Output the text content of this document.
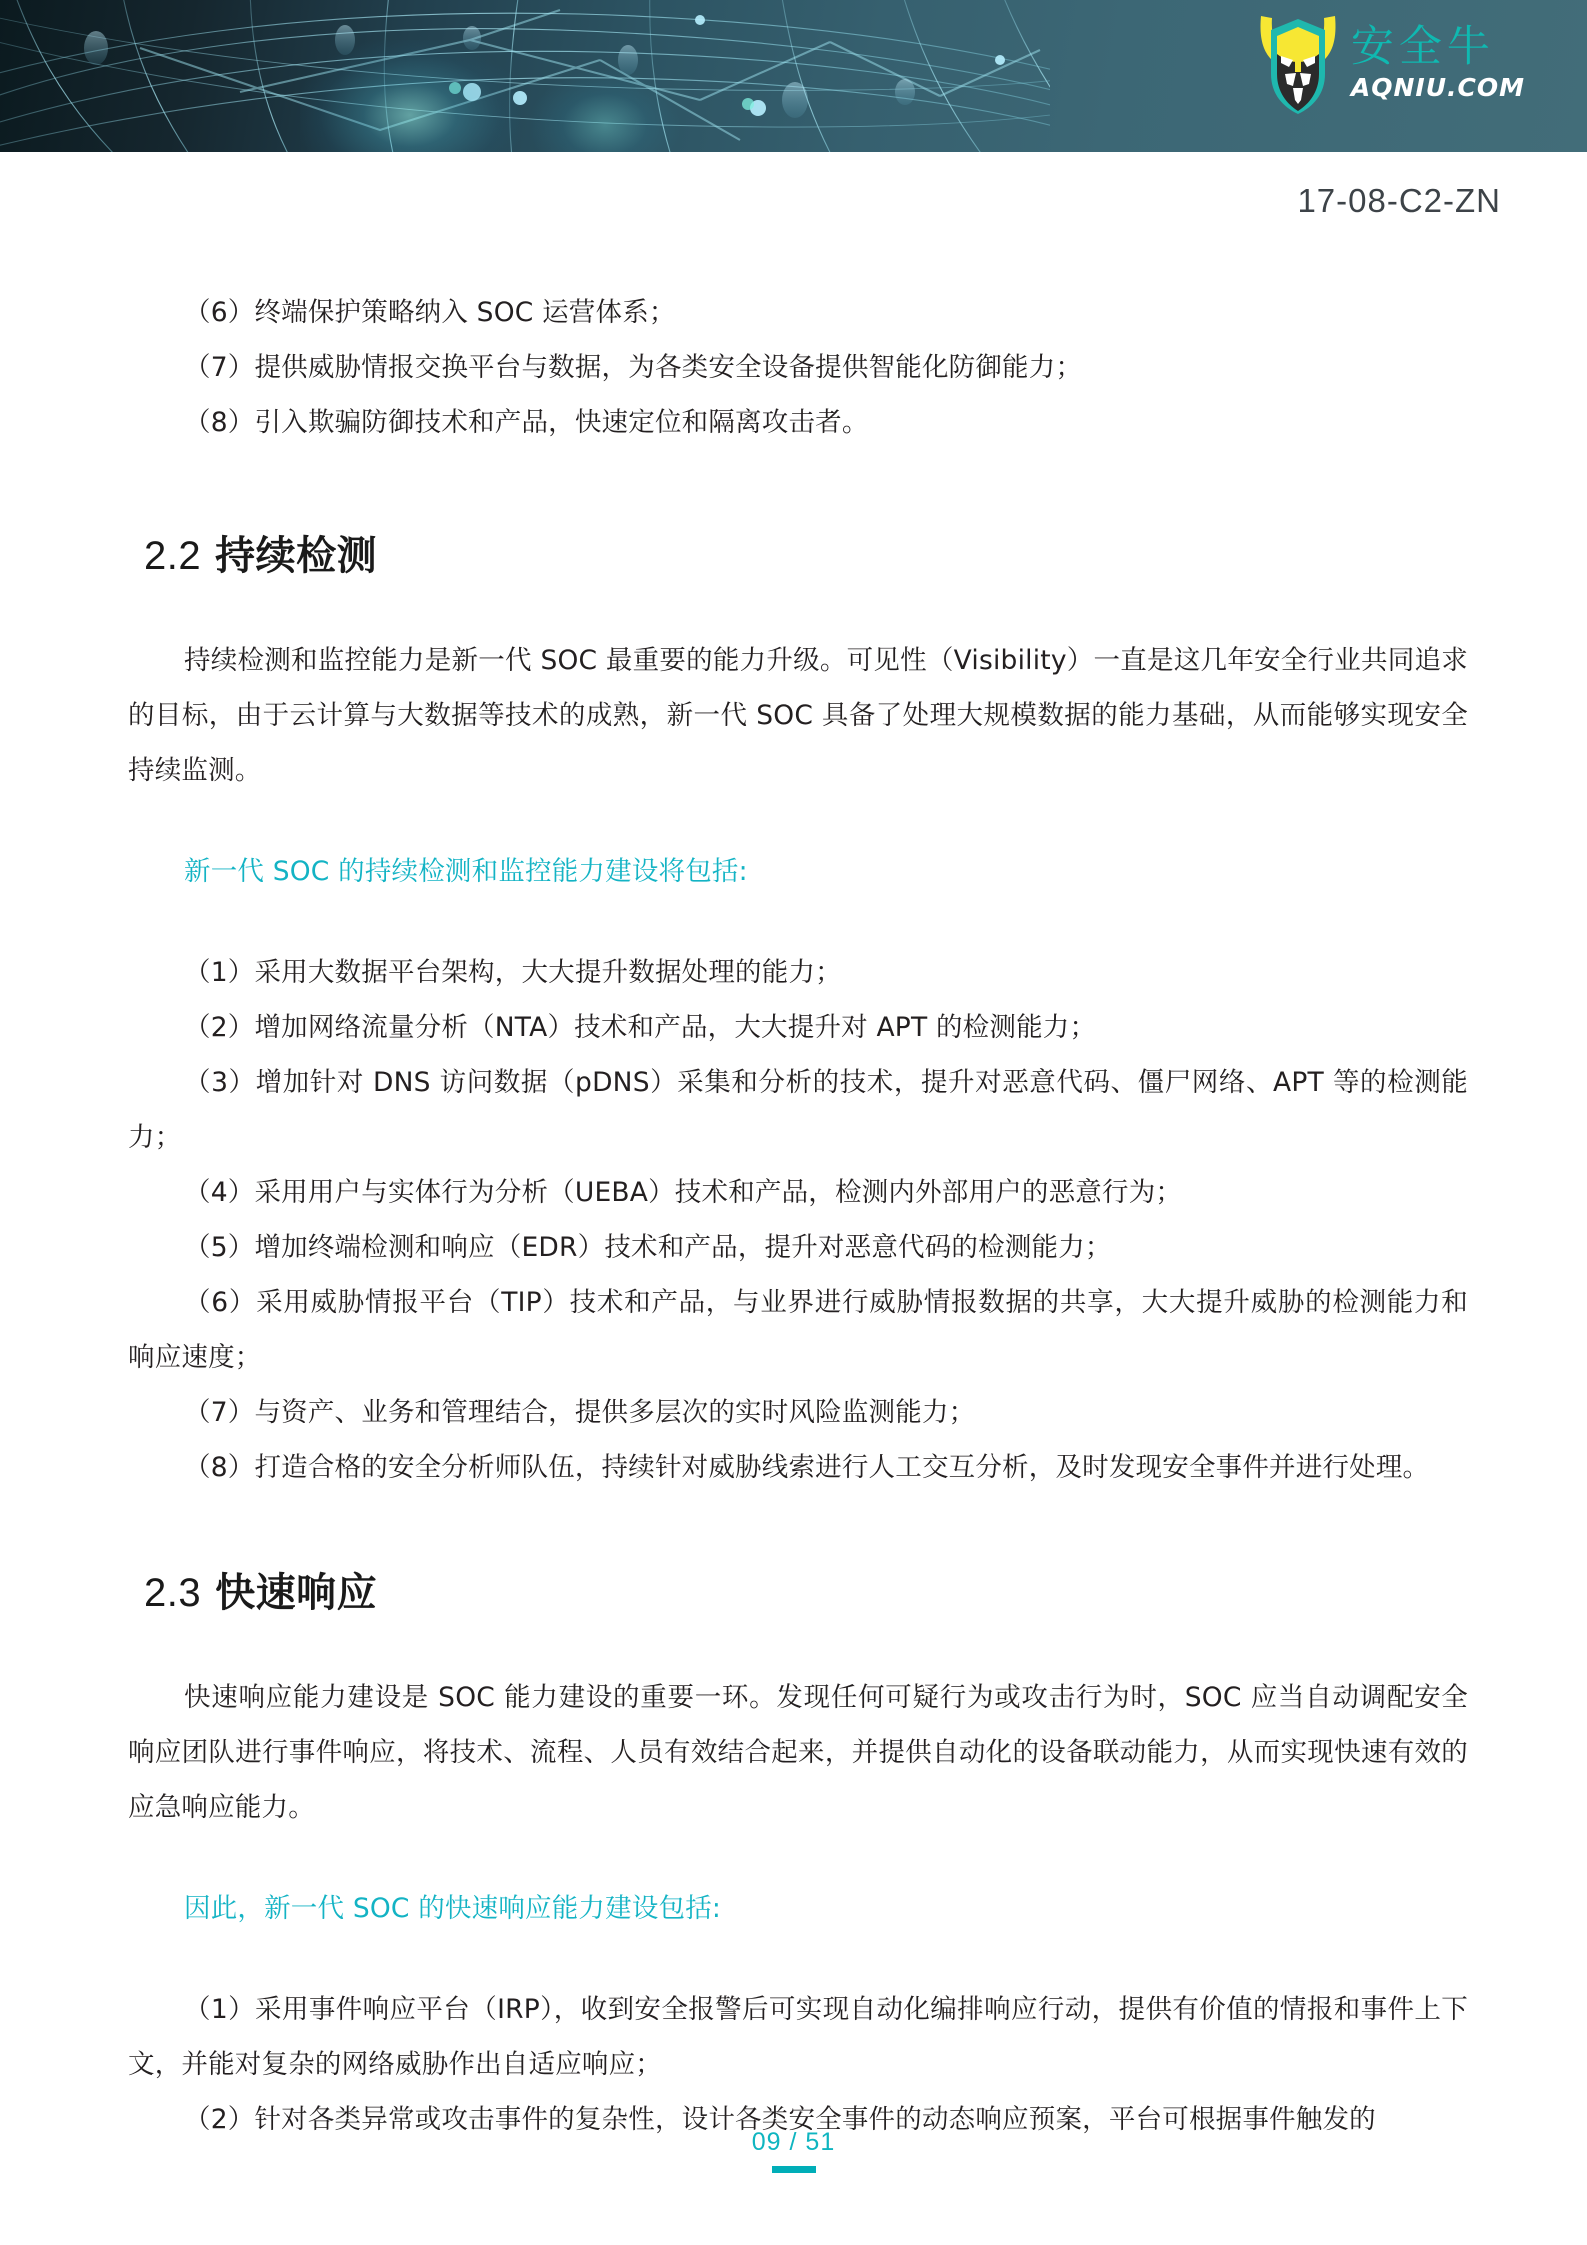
安全牛
AQNIU.COM
17-08-C2-ZN
（6）终端保护策略纳入 SOC 运营体系；
（7）提供威胁情报交换平台与数据，为各类安全设备提供智能化防御能力；
（8）引入欺骗防御技术和产品，快速定位和隔离攻击者。
2.2 持续检测
持续检测和监控能力是新一代 SOC 最重要的能力升级。可见性（Visibility）一直是这几年安全行业共同追求的目标，由于云计算与大数据等技术的成熟，新一代 SOC 具备了处理大规模数据的能力基础，从而能够实现安全持续监测。
新一代 SOC 的持续检测和监控能力建设将包括:
（1）采用大数据平台架构，大大提升数据处理的能力；
（2）增加网络流量分析（NTA）技术和产品，大大提升对 APT 的检测能力；
（3）增加针对 DNS 访问数据（pDNS）采集和分析的技术，提升对恶意代码、僵尸网络、APT 等的检测能力；
（4）采用用户与实体行为分析（UEBA）技术和产品，检测内外部用户的恶意行为；
（5）增加终端检测和响应（EDR）技术和产品，提升对恶意代码的检测能力；
（6）采用威胁情报平台（TIP）技术和产品，与业界进行威胁情报数据的共享，大大提升威胁的检测能力和响应速度；
（7）与资产、业务和管理结合，提供多层次的实时风险监测能力；
（8）打造合格的安全分析师队伍，持续针对威胁线索进行人工交互分析，及时发现安全事件并进行处理。
2.3 快速响应
快速响应能力建设是 SOC 能力建设的重要一环。发现任何可疑行为或攻击行为时，SOC 应当自动调配安全响应团队进行事件响应，将技术、流程、人员有效结合起来，并提供自动化的设备联动能力，从而实现快速有效的应急响应能力。
因此，新一代 SOC 的快速响应能力建设包括:
（1）采用事件响应平台（IRP），收到安全报警后可实现自动化编排响应行动，提供有价值的情报和事件上下文，并能对复杂的网络威胁作出自适应响应；
（2）针对各类异常或攻击事件的复杂性，设计各类安全事件的动态响应预案，平台可根据事件触发的
09 / 51
